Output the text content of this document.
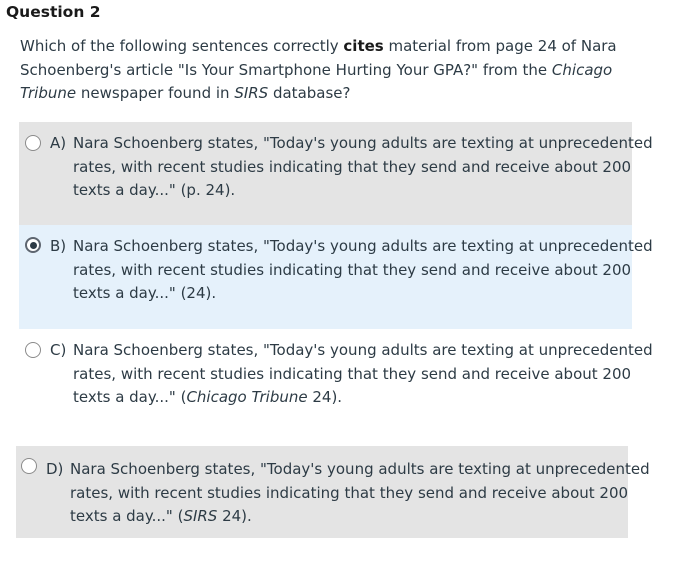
Question 2

Which of the following sentences correctly cites material from page 24 of Nara Schoenberg's article "Is Your Smartphone Hurting Your GPA?" from the Chicago Tribune newspaper found in SIRS database?

A) Nara Schoenberg states, "Today's young adults are texting at unprecedented
rates, with recent studies indicating that they send and receive about 200
texts a day..." (p. 24).
B) Nara Schoenberg states, "Today's young adults are texting at unprecedented
rates, with recent studies indicating that they send and receive about 200
texts a day..." (24).
C) Nara Schoenberg states, "Today's young adults are texting at unprecedented
rates, with recent studies indicating that they send and receive about 200
texts a day..." (Chicago Tribune 24).
D) Nara Schoenberg states, "Today's young adults are texting at unprecedented
rates, with recent studies indicating that they send and receive about 200
texts a day..." (SIRS 24).
